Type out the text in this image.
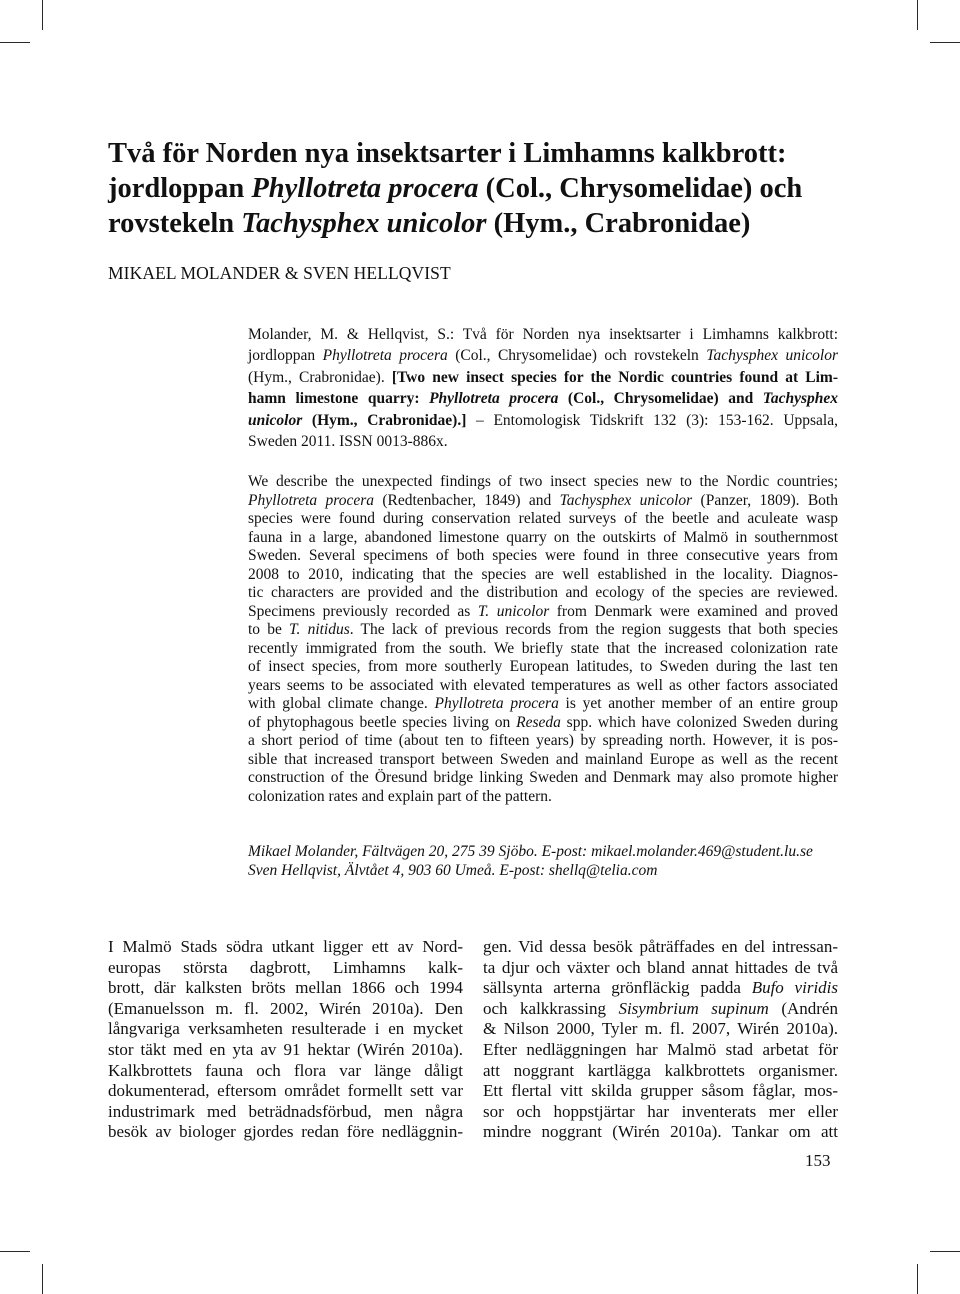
Två för Norden nya insektsarter i Limhamns kalkbrott:
jordloppan Phyllotreta procera (Col., Chrysomelidae) och
rovstekeln Tachysphex unicolor (Hym., Crabronidae)
MIKAEL MOLANDER & SVEN HELLQVIST
Molander, M. & Hellqvist, S.: Två för Norden nya insektsarter i Limhamns kalkbrott:
jordloppan Phyllotreta procera (Col., Chrysomelidae) och rovstekeln Tachysphex unicolor
(Hym., Crabronidae). [Two new insect species for the Nordic countries found at Lim-
hamn limestone quarry: Phyllotreta procera (Col., Chrysomelidae) and Tachysphex
unicolor (Hym., Crabronidae).] – Entomologisk Tidskrift 132 (3): 153-162. Uppsala,
Sweden 2011. ISSN 0013-886x.
We describe the unexpected findings of two insect species new to the Nordic countries;
Phyllotreta procera (Redtenbacher, 1849) and Tachysphex unicolor (Panzer, 1809). Both
species were found during conservation related surveys of the beetle and aculeate wasp
fauna in a large, abandoned limestone quarry on the outskirts of Malmö in southernmost
Sweden. Several specimens of both species were found in three consecutive years from
2008 to 2010, indicating that the species are well established in the locality. Diagnos-
tic characters are provided and the distribution and ecology of the species are reviewed.
Specimens previously recorded as T. unicolor from Denmark were examined and proved
to be T. nitidus. The lack of previous records from the region suggests that both species
recently immigrated from the south. We briefly state that the increased colonization rate
of insect species, from more southerly European latitudes, to Sweden during the last ten
years seems to be associated with elevated temperatures as well as other factors associated
with global climate change. Phyllotreta procera is yet another member of an entire group
of phytophagous beetle species living on Reseda spp. which have colonized Sweden during
a short period of time (about ten to fifteen years) by spreading north. However, it is pos-
sible that increased transport between Sweden and mainland Europe as well as the recent
construction of the Öresund bridge linking Sweden and Denmark may also promote higher
colonization rates and explain part of the pattern.
Mikael Molander, Fältvägen 20, 275 39 Sjöbo. E-post: mikael.molander.469@student.lu.se
Sven Hellqvist, Älvtået 4, 903 60 Umeå. E-post: shellq@telia.com
I Malmö Stads södra utkant ligger ett av Nord-
europas största dagbrott, Limhamns kalk-
brott, där kalksten bröts mellan 1866 och 1994
(Emanuelsson m. fl. 2002, Wirén 2010a). Den
långvariga verksamheten resulterade i en mycket
stor täkt med en yta av 91 hektar (Wirén 2010a).
Kalkbrottets fauna och flora var länge dåligt
dokumenterad, eftersom området formellt sett var
industrimark med beträdnadsförbud, men några
besök av biologer gjordes redan före nedläggnin-
gen. Vid dessa besök påträffades en del intressan-
ta djur och växter och bland annat hittades de två
sällsynta arterna grönfläckig padda Bufo viridis
och kalkkrassing Sisymbrium supinum (Andrén
& Nilson 2000, Tyler m. fl. 2007, Wirén 2010a).
Efter nedläggningen har Malmö stad arbetat för
att noggrant kartlägga kalkbrottets organismer.
Ett flertal vitt skilda grupper såsom fåglar, mos-
sor och hoppstjärtar har inventerats mer eller
mindre noggrant (Wirén 2010a). Tankar om att
153
